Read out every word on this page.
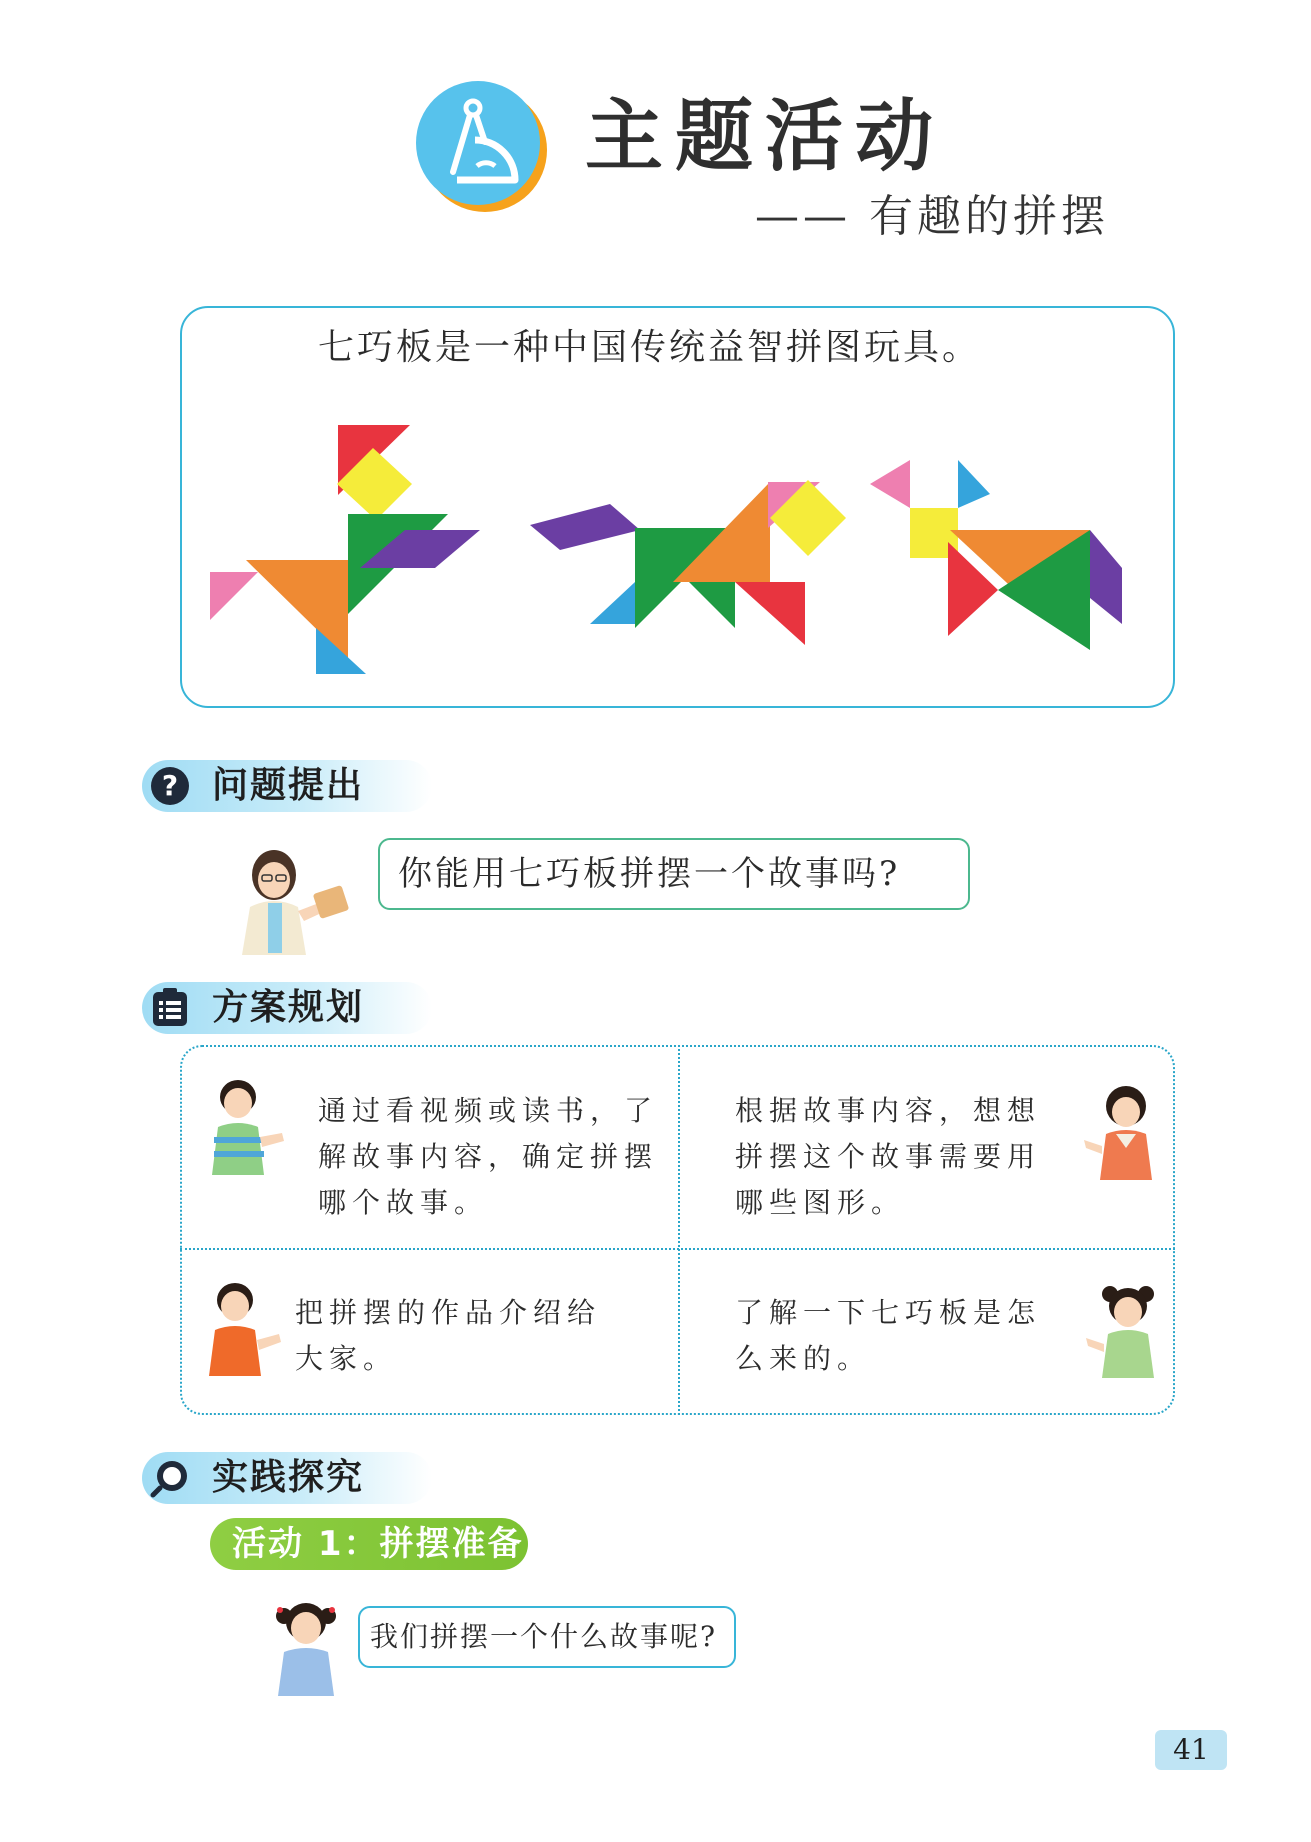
主题活动
—— 有趣的拼摆
七巧板是一种中国传统益智拼图玩具。
? 问题提出
你能用七巧板拼摆一个故事吗?
方案规划
通过看视频或读书，了
解故事内容，确定拼摆
哪个故事。
根据故事内容，想想
拼摆这个故事需要用
哪些图形。
把拼摆的作品介绍给
大家。
了解一下七巧板是怎
么来的。
实践探究
活动 1：拼摆准备
我们拼摆一个什么故事呢?
41
